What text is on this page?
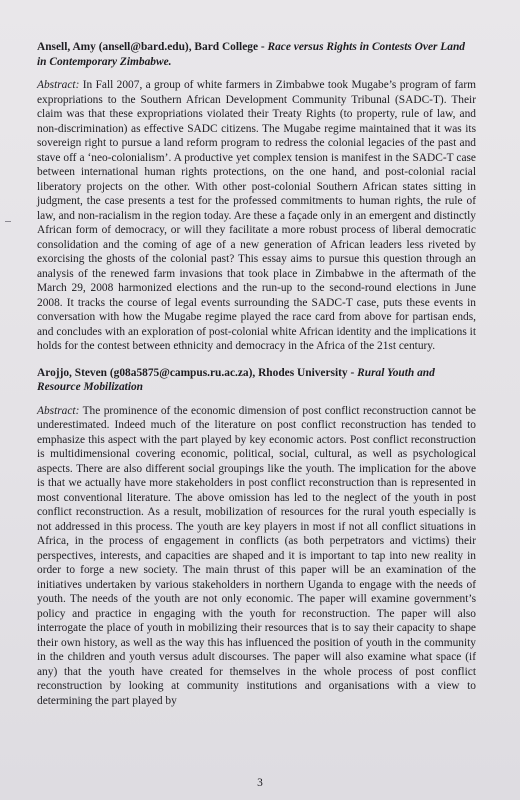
Ansell, Amy (ansell@bard.edu), Bard College - Race versus Rights in Contests Over Land in Contemporary Zimbabwe.

Abstract: In Fall 2007, a group of white farmers in Zimbabwe took Mugabe’s program of farm expropriations to the Southern African Development Community Tribunal (SADC-T). Their claim was that these expropriations violated their Treaty Rights (to property, rule of law, and non-discrimination) as effective SADC citizens. The Mugabe regime maintained that it was its sovereign right to pursue a land reform program to redress the colonial legacies of the past and stave off a ‘neo-colonialism’. A productive yet complex tension is manifest in the SADC-T case between international human rights protections, on the one hand, and post-colonial racial liberatory projects on the other. With other post-colonial Southern African states sitting in judgment, the case presents a test for the professed commitments to human rights, the rule of law, and non-racialism in the region today. Are these a façade only in an emergent and distinctly African form of democracy, or will they facilitate a more robust process of liberal democratic consolidation and the coming of age of a new generation of African leaders less riveted by exorcising the ghosts of the colonial past? This essay aims to pursue this question through an analysis of the renewed farm invasions that took place in Zimbabwe in the aftermath of the March 29, 2008 harmonized elections and the run-up to the second-round elections in June 2008. It tracks the course of legal events surrounding the SADC-T case, puts these events in conversation with how the Mugabe regime played the race card from above for partisan ends, and concludes with an exploration of post-colonial white African identity and the implications it holds for the contest between ethnicity and democracy in the Africa of the 21st century.

Arojjo, Steven (g08a5875@campus.ru.ac.za), Rhodes University - Rural Youth and Resource Mobilization

Abstract: The prominence of the economic dimension of post conflict reconstruction cannot be underestimated. Indeed much of the literature on post conflict reconstruction has tended to emphasize this aspect with the part played by key economic actors. Post conflict reconstruction is multidimensional covering economic, political, social, cultural, as well as psychological aspects. There are also different social groupings like the youth. The implication for the above is that we actually have more stakeholders in post conflict reconstruction than is represented in most conventional literature. The above omission has led to the neglect of the youth in post conflict reconstruction. As a result, mobilization of resources for the rural youth especially is not addressed in this process. The youth are key players in most if not all conflict situations in Africa, in the process of engagement in conflicts (as both perpetrators and victims) their perspectives, interests, and capacities are shaped and it is important to tap into new reality in order to forge a new society. The main thrust of this paper will be an examination of the initiatives undertaken by various stakeholders in northern Uganda to engage with the needs of youth. The needs of the youth are not only economic. The paper will examine government’s policy and practice in engaging with the youth for reconstruction. The paper will also interrogate the place of youth in mobilizing their resources that is to say their capacity to shape their own history, as well as the way this has influenced the position of youth in the community in the children and youth versus adult discourses. The paper will also examine what space (if any) that the youth have created for themselves in the whole process of post conflict reconstruction by looking at community institutions and organisations with a view to determining the part played by

3
